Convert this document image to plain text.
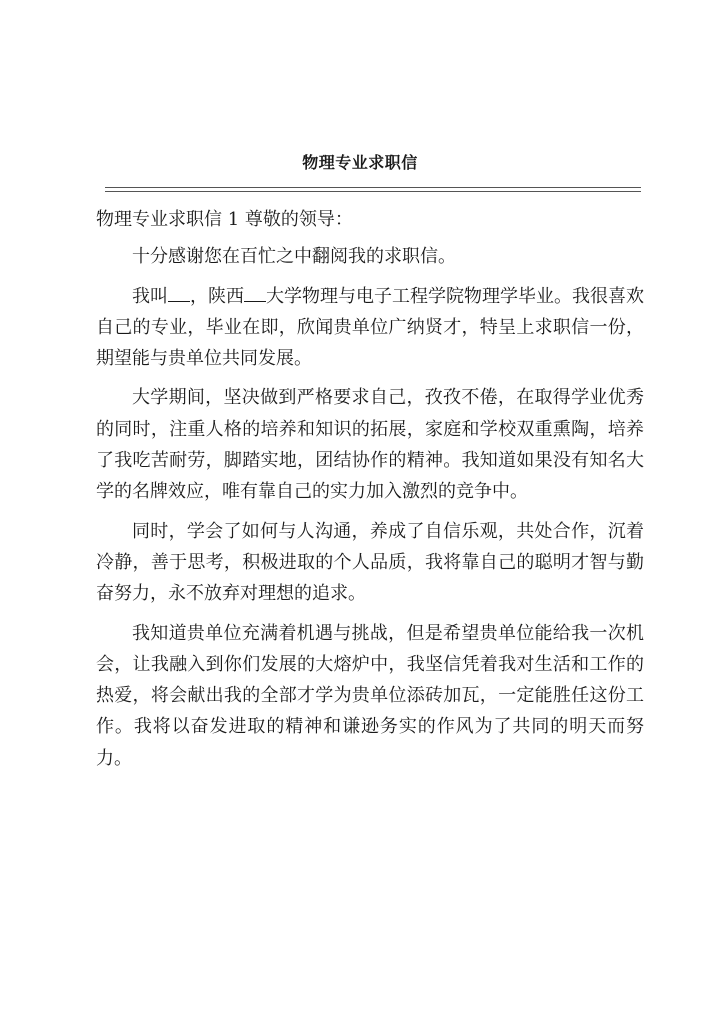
物理专业求职信

物理专业求职信 1 尊敬的领导：

十分感谢您在百忙之中翻阅我的求职信。

我叫 ，陕西 大学物理与电子工程学院物理学毕业。我很喜欢自己的专业，毕业在即，欣闻贵单位广纳贤才，特呈上求职信一份，期望能与贵单位共同发展。

大学期间，坚决做到严格要求自己，孜孜不倦，在取得学业优秀的同时，注重人格的培养和知识的拓展，家庭和学校双重熏陶，培养了我吃苦耐劳，脚踏实地，团结协作的精神。我知道如果没有知名大学的名牌效应，唯有靠自己的实力加入激烈的竞争中。

同时，学会了如何与人沟通，养成了自信乐观，共处合作，沉着冷静，善于思考，积极进取的个人品质，我将靠自己的聪明才智与勤奋努力，永不放弃对理想的追求。

我知道贵单位充满着机遇与挑战，但是希望贵单位能给我一次机会，让我融入到你们发展的大熔炉中，我坚信凭着我对生活和工作的热爱，将会献出我的全部才学为贵单位添砖加瓦，一定能胜任这份工作。我将以奋发进取的精神和谦逊务实的作风为了共同的明天而努力。
